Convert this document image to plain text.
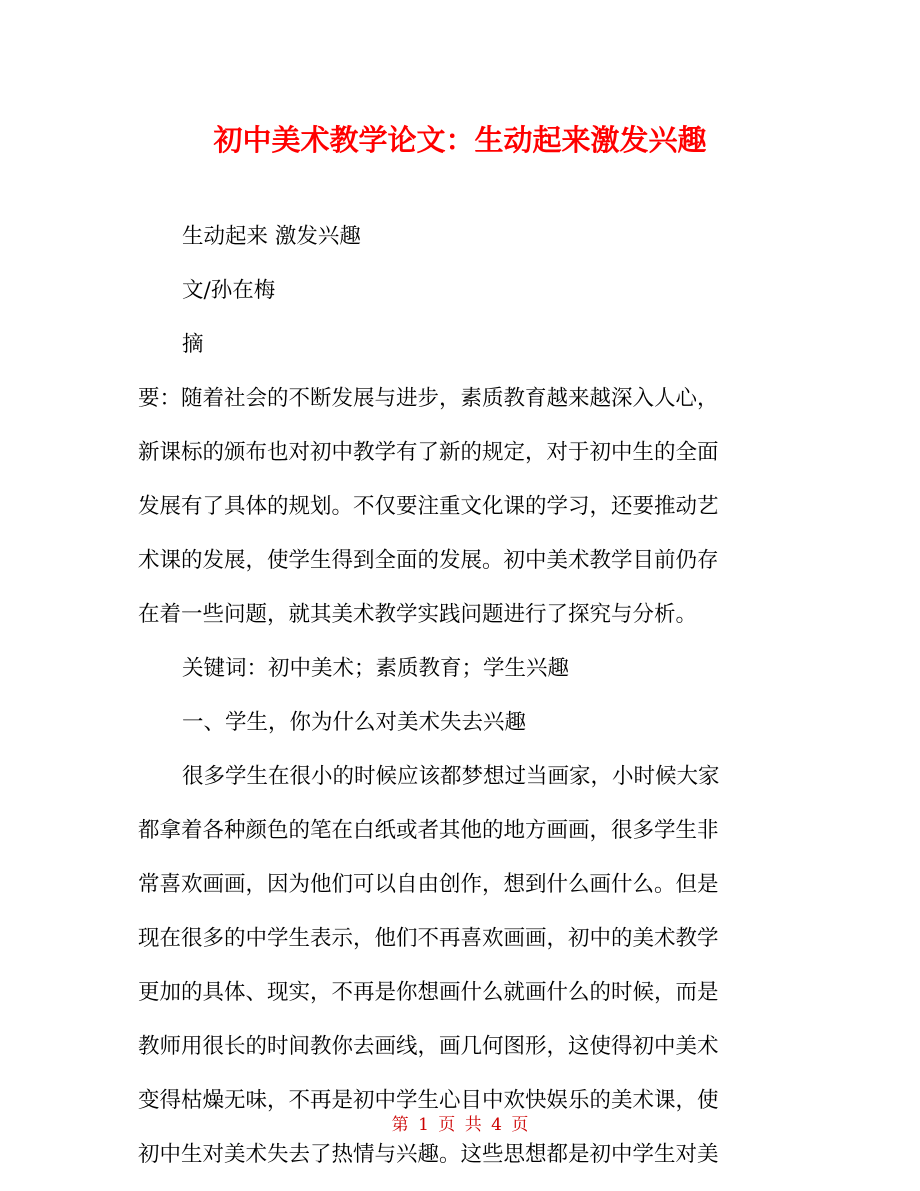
初中美术教学论文：生动起来激发兴趣
生动起来 激发兴趣
文/孙在梅
摘
要：随着社会的不断发展与进步，素质教育越来越深入人心，
新课标的颁布也对初中教学有了新的规定，对于初中生的全面
发展有了具体的规划。不仅要注重文化课的学习，还要推动艺
术课的发展，使学生得到全面的发展。初中美术教学目前仍存
在着一些问题，就其美术教学实践问题进行了探究与分析。
关键词：初中美术；素质教育；学生兴趣
一、学生，你为什么对美术失去兴趣
很多学生在很小的时候应该都梦想过当画家，小时候大家
都拿着各种颜色的笔在白纸或者其他的地方画画，很多学生非
常喜欢画画，因为他们可以自由创作，想到什么画什么。但是
现在很多的中学生表示，他们不再喜欢画画，初中的美术教学
更加的具体、现实，不再是你想画什么就画什么的时候，而是
教师用很长的时间教你去画线，画几何图形，这使得初中美术
变得枯燥无味，不再是初中学生心目中欢快娱乐的美术课，使
初中生对美术失去了热情与兴趣。这些思想都是初中学生对美
第 1 页 共 4 页
